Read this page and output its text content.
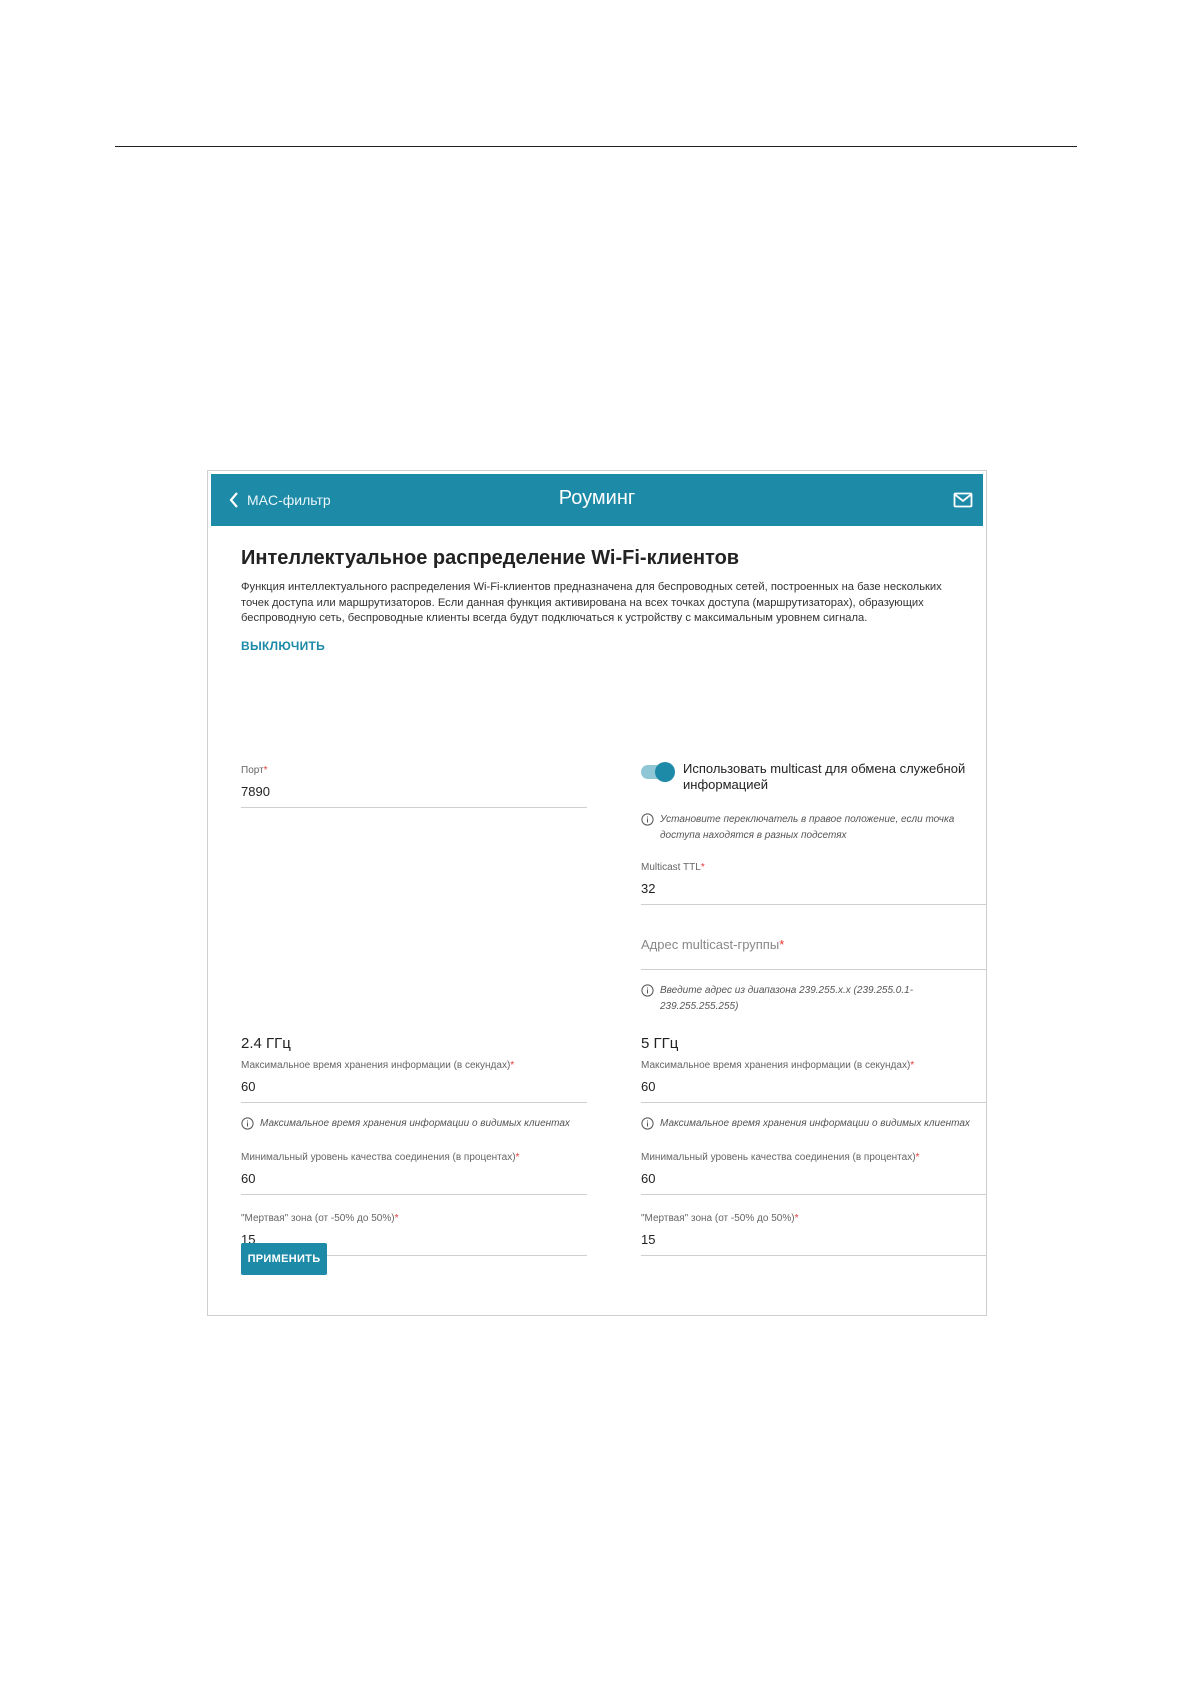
MAC-фильтр	Роуминг
Интеллектуальное распределение Wi-Fi-клиентов
Функция интеллектуального распределения Wi-Fi-клиентов предназначена для беспроводных сетей, построенных на базе нескольких точек доступа или маршрутизаторов. Если данная функция активирована на всех точках доступа (маршрутизаторах), образующих беспроводную сеть, беспроводные клиенты всегда будут подключаться к устройству с максимальным уровнем сигнала.
ВЫКЛЮЧИТЬ
Порт*
7890	Использовать multicast для обмена служебной информацией
Установите переключатель в правое положение, если точка доступа находятся в разных подсетях
Multicast TTL*
32
Адрес multicast-группы*
Введите адрес из диапазона 239.255.x.x (239.255.0.1-239.255.255.255)
2.4 ГГц
Максимальное время хранения информации (в секундах)*
60
Максимальное время хранения информации о видимых клиентах
Минимальный уровень качества соединения (в процентах)*
60
"Мертвая" зона (от -50% до 50%)*
15
5 ГГц
Максимальное время хранения информации (в секундах)*
60
Максимальное время хранения информации о видимых клиентах
Минимальный уровень качества соединения (в процентах)*
60
"Мертвая" зона (от -50% до 50%)*
15
ПРИМЕНИТЬ
